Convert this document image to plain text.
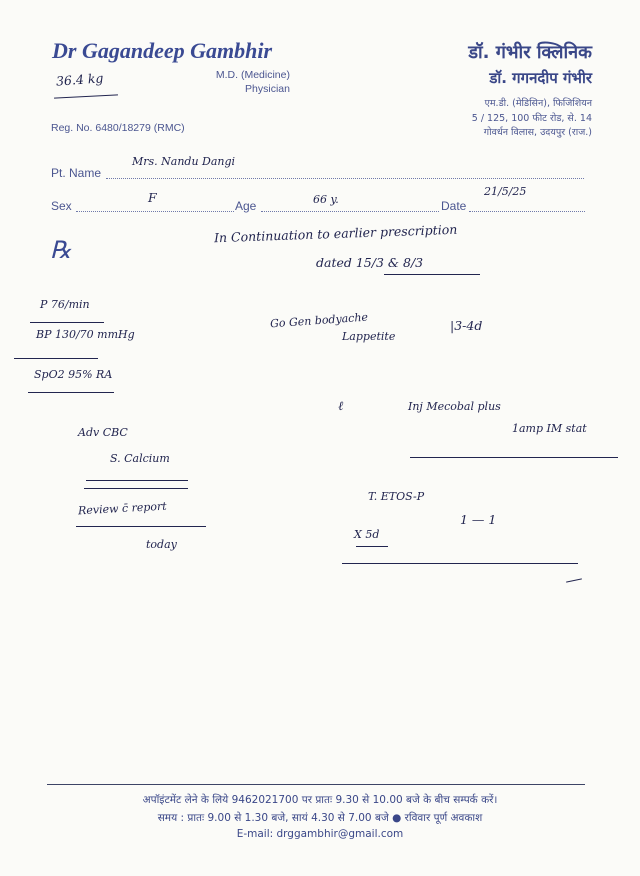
Dr Gagandeep Gambhir
M.D. (Medicine)
Physician
Reg. No. 6480/18279 (RMC)
डॉ. गंभीर क्लिनिक
डॉ. गगनदीप गंभीर
एम.डी. (मेडिसिन), फिजिशियन
5 / 125, 100 फीट रोड, से. 14
गोवर्धन विलास, उदयपुर (राज.)
36.4 kg
Pt. Name
Mrs. Nandu Dangi
Sex
F
Age	66 y.	Date
21/5/25
℞
In Continuation to earlier prescription
dated 15/3 & 8/3
P 76/min
BP 130/70 mmHg
SpO2 95% RA
Go Gen bodyache
Lappetite
|3-4d
Adv CBC
S. Calcium
Review c̄ report
today
ℓ	Inj Mecobal plus
1amp IM stat
T. ETOS-P
1 — 1
X 5d
अपॉइंटमेंट लेने के लिये 9462021700 पर प्रातः 9.30 से 10.00 बजे के बीच सम्पर्क करें।
समय : प्रातः 9.00 से 1.30 बजे, सायं 4.30 से 7.00 बजे ● रविवार पूर्ण अवकाश
E-mail: drggambhir@gmail.com
